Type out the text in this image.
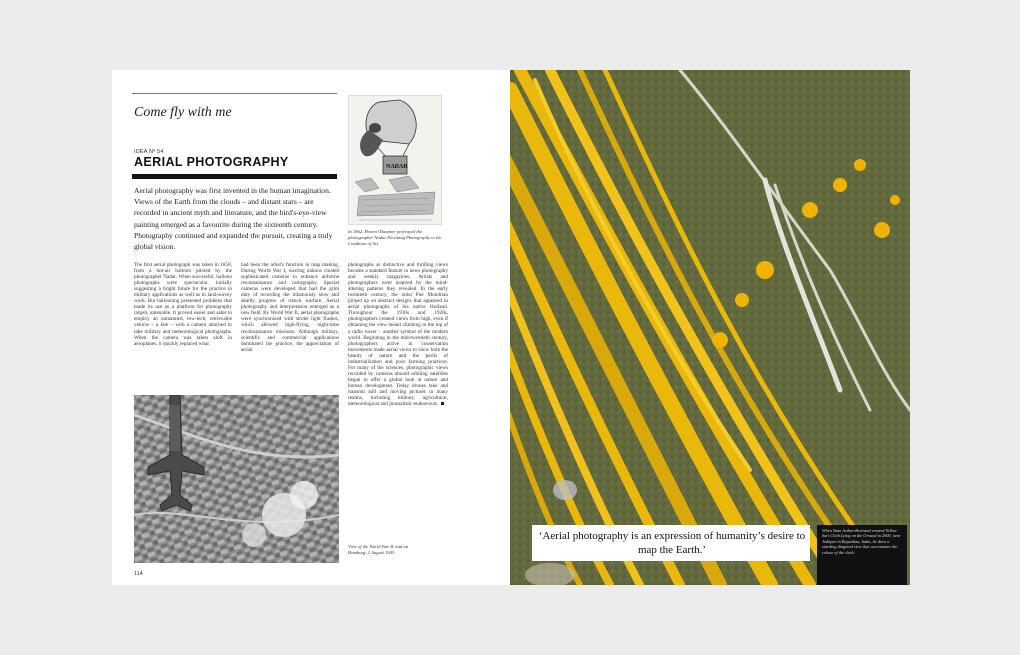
Come fly with me
IDEA Nº 54
AERIAL PHOTOGRAPHY
Aerial photography was first invented in the human imagination. Views of the Earth from the clouds – and distant stars – are recorded in ancient myth and literature, and the bird's-eye-view painting emerged as a favourite during the sixteenth century. Photography continued and expanded the pursuit, creating a truly global vision.
The first aerial photograph was taken in 1858, from a hot-air balloon piloted by the photographer Nadar. When successful, balloon photographs were spectacular, initially suggesting a bright future for the practice in military applications as well as in land-survey work. But ballooning presented problems that made its use as a platform for photography largely untenable. It proved easier and safer to employ an unmanned, low-tech, retrievable vehicle – a kite – with a camera attached to take military and meteorological photographs. When the camera was taken aloft in aeroplanes, it quickly replaced what
had been the artist's function in map making. During World War I, warring nations created sophisticated cameras to enhance airborne reconnaissance and cartography. Special cameras were developed that had the grim duty of recording the infamously slow and deadly progress of trench warfare. Aerial photography and interpretation emerged as a new field. By World War II, aerial photographs were synchronized with strobe light flashes, which allowed high-flying, night-time reconnaissance missions. Although military, scientific and commercial applications dominated the practice, the appreciation of aerial
photographs as distinctive and thrilling views became a standard feature in news photography and weekly magazines. Artists and photographers were inspired by the mind-altering patterns they revealed. In the early twentieth century, the artist Piet Mondrian picked up on abstract designs that appeared in aerial photographs of his native Holland. Throughout the 1910s and 1920s, photographers created views from high, even if obtaining the view meant climbing to the top of a radio tower – another symbol of the modern world. Beginning in the mid-twentieth century, photographers active in conservation movements made aerial views to show both the beauty of nature and the perils of industrialization and poor farming practices. For many of the sciences, photographic views recorded by cameras aboard orbiting satellites began to offer a global look at nature and human development. Today drones take and transmit still and moving pictures in many realms, including military, agricultural, meteorological and journalistic endeavours.
NADAR
In 1862, Honoré Daumier portrayed the photographer Nadar Elevating Photography to the Condition of Art.
View of the World War II raid on Hamburg, 2 August 1943.
114
‘Aerial photography is an expression of humanity’s desire to map the Earth.’
When Yann Arthus-Bertrand created Yellow Sari Cloth Lying on the Ground in 2000, near Jodhpur in Rajasthan, India, he drew a startling diagonal view that accentuates the colour of the cloth.
